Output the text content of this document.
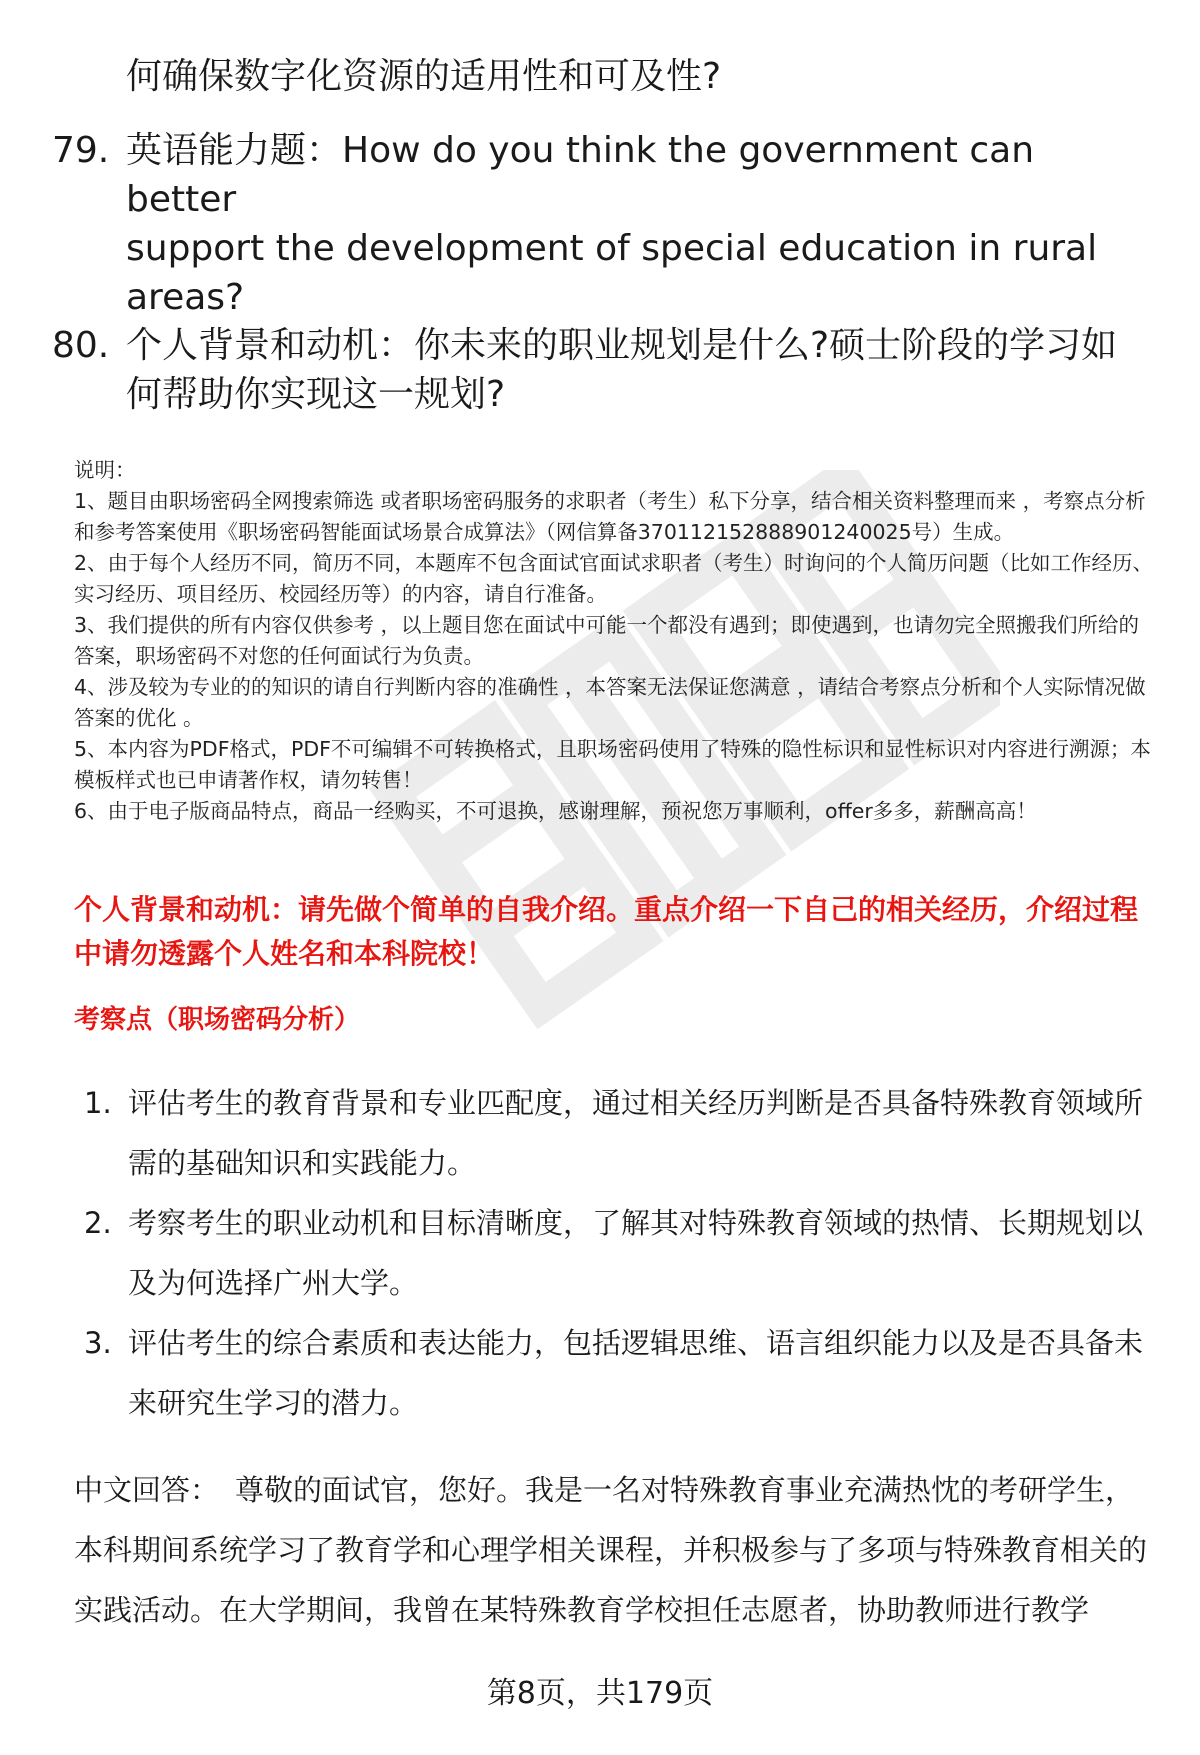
何确保数字化资源的适用性和可及性?
79. 英语能力题：How do you think the government can better
support the development of special education in rural
areas?
80. 个人背景和动机：你未来的职业规划是什么?硕士阶段的学习如
何帮助你实现这一规划?

说明：

1、题目由职场密码全网搜索筛选 或者职场密码服务的求职者（考生）私下分享，结合相关资料整理而来 ，考察点分析和参考答案使用《职场密码智能面试场景合成算法》（网信算备370112152888901240025号）生成。

2、由于每个人经历不同，简历不同，本题库不包含面试官面试求职者（考生）时询问的个人简历问题（比如工作经历、实习经历、项目经历、校园经历等）的内容，请自行准备。

3、我们提供的所有内容仅供参考 ，以上题目您在面试中可能一个都没有遇到；即使遇到，也请勿完全照搬我们所给的答案，职场密码不对您的任何面试行为负责。

4、涉及较为专业的的知识的请自行判断内容的准确性 ，本答案无法保证您满意 ，请结合考察点分析和个人实际情况做答案的优化 。

5、本内容为PDF格式，PDF不可编辑不可转换格式，且职场密码使用了特殊的隐性标识和显性标识对内容进行溯源；本模板样式也已申请著作权，请勿转售！

6、由于电子版商品特点，商品一经购买，不可退换，感谢理解，预祝您万事顺利，offer多多，薪酬高高！

个人背景和动机：请先做个简单的自我介绍。重点介绍一下自己的相关经历，介绍过程中请勿透露个人姓名和本科院校！
考察点（职场密码分析）
1. 评估考生的教育背景和专业匹配度，通过相关经历判断是否具备特殊教育领域所需的基础知识和实践能力。
2. 考察考生的职业动机和目标清晰度，了解其对特殊教育领域的热情、长期规划以及为何选择广州大学。
3. 评估考生的综合素质和表达能力，包括逻辑思维、语言组织能力以及是否具备未来研究生学习的潜力。
中文回答： 尊敬的面试官，您好。我是一名对特殊教育事业充满热忱的考研学生，本科期间系统学习了教育学和心理学相关课程，并积极参与了多项与特殊教育相关的实践活动。在大学期间，我曾在某特殊教育学校担任志愿者，协助教师进行教学
第8页，共179页
